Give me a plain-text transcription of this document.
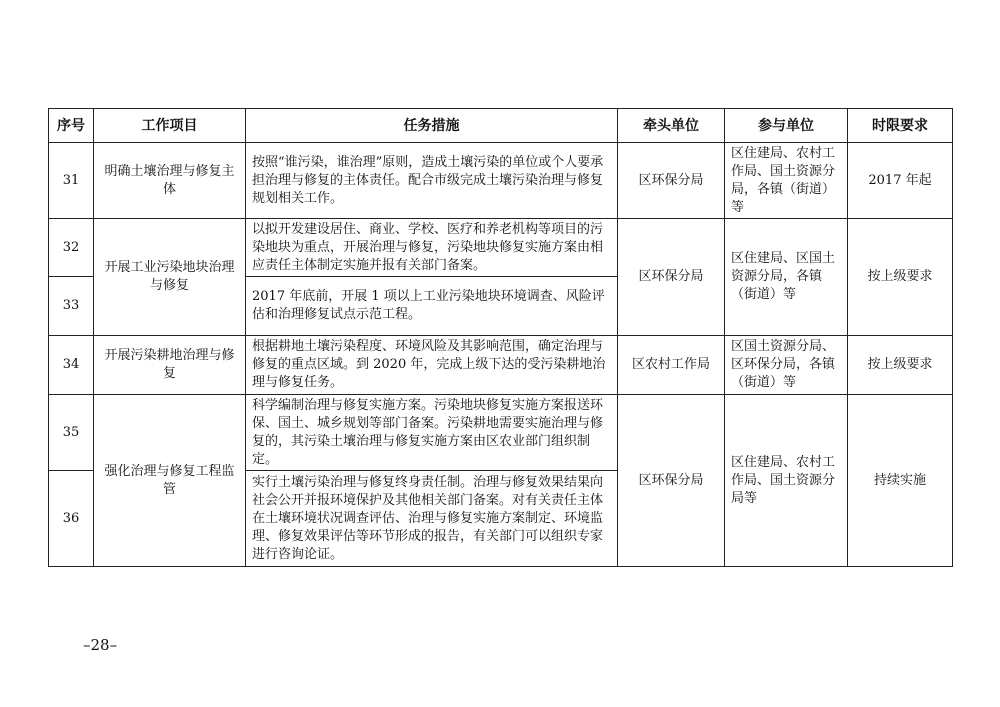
序号	工作项目	任务措施	牵头单位	参与单位	时限要求
31	明确土壤治理与修复主体	按照“谁污染，谁治理”原则，造成土壤污染的单位或个人要承担治理与修复的主体责任。配合市级完成土壤污染治理与修复规划相关工作。	区环保分局	区住建局、农村工作局、国土资源分局，各镇（街道）等	2017 年起
32	开展工业污染地块治理与修复	以拟开发建设居住、商业、学校、医疗和养老机构等项目的污染地块为重点，开展治理与修复，污染地块修复实施方案由相应责任主体制定实施并报有关部门备案。	区环保分局	区住建局、区国土资源分局，各镇（街道）等	按上级要求
33		2017 年底前，开展 1 项以上工业污染地块环境调查、风险评估和治理修复试点示范工程。			
34	开展污染耕地治理与修复	根据耕地土壤污染程度、环境风险及其影响范围，确定治理与修复的重点区域。到 2020 年，完成上级下达的受污染耕地治理与修复任务。	区农村工作局	区国土资源分局、区环保分局，各镇（街道）等	按上级要求
35	强化治理与修复工程监管	科学编制治理与修复实施方案。污染地块修复实施方案报送环保、国土、城乡规划等部门备案。污染耕地需要实施治理与修复的，其污染土壤治理与修复实施方案由区农业部门组织制定。	区环保分局	区住建局、农村工作局、国土资源分局等	持续实施
36		实行土壤污染治理与修复终身责任制。治理与修复效果结果向社会公开并报环境保护及其他相关部门备案。对有关责任主体在土壤环境状况调查评估、治理与修复实施方案制定、环境监理、修复效果评估等环节形成的报告，有关部门可以组织专家进行咨询论证。			
–28–
